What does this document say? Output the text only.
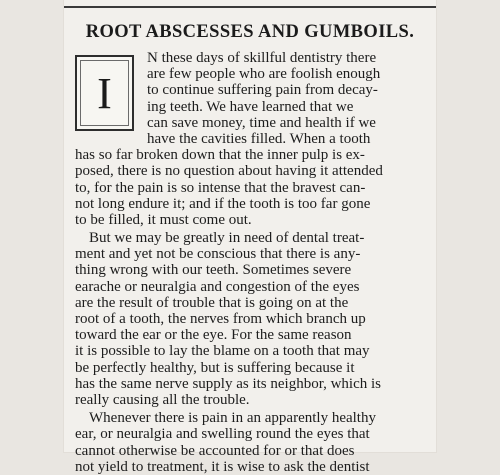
ROOT ABSCESSES AND GUMBOILS.
I
N these days of skillful dentistry there
are few people who are foolish enough
to continue suffering pain from decay-
ing teeth. We have learned that we
can save money, time and health if we
have the cavities filled. When a tooth
has so far broken down that the inner pulp is ex-
posed, there is no question about having it attended
to, for the pain is so intense that the bravest can-
not long endure it; and if the tooth is too far gone
to be filled, it must come out.
But we may be greatly in need of dental treat-
ment and yet not be conscious that there is any-
thing wrong with our teeth. Sometimes severe
earache or neuralgia and congestion of the eyes
are the result of trouble that is going on at the
root of a tooth, the nerves from which branch up
toward the ear or the eye. For the same reason
it is possible to lay the blame on a tooth that may
be perfectly healthy, but is suffering because it
has the same nerve supply as its neighbor, which is
really causing all the trouble.
Whenever there is pain in an apparently healthy
ear, or neuralgia and swelling round the eyes that
cannot otherwise be accounted for or that does
not yield to treatment, it is wise to ask the dentist
